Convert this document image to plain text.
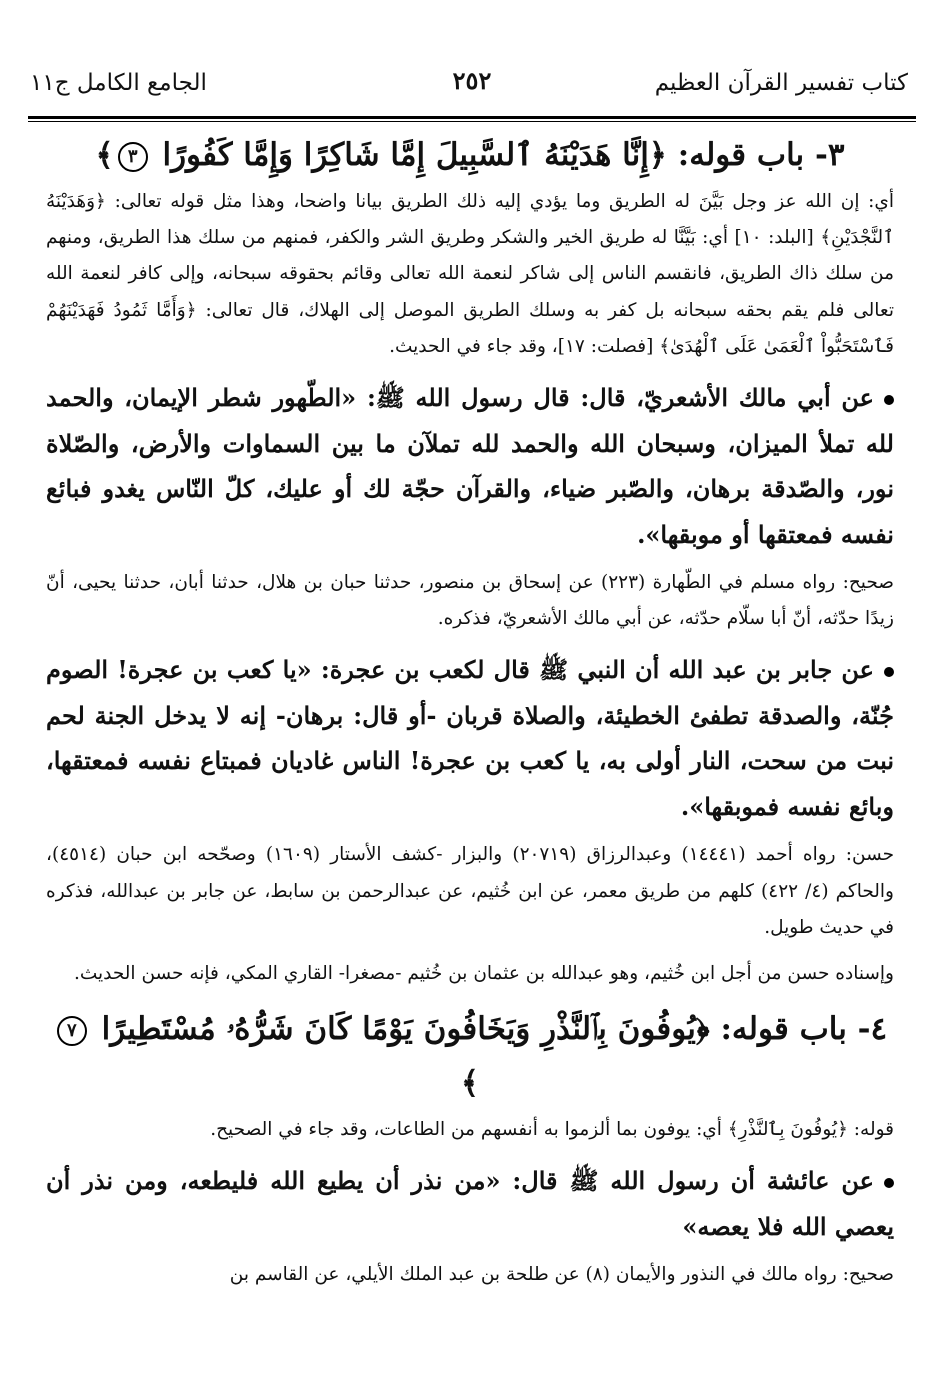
كتاب تفسير القرآن العظيم
٢٥٢
الجامع الكامل ج١١
٣- باب قوله: ﴿إِنَّا هَدَيْنَهُ ٱلسَّبِيلَ إِمَّا شَاكِرًا وَإِمَّا كَفُورًا ٣﴾

أي: إن الله عز وجل بَيَّنَ له الطريق وما يؤدي إليه ذلك الطريق بيانا واضحا، وهذا مثل قوله تعالى: ﴿وَهَدَيْنَهُ ٱلنَّجْدَيْنِ﴾ [البلد: ١٠] أي: بَيَّنَّا له طريق الخير والشكر وطريق الشر والكفر، فمنهم من سلك هذا الطريق، ومنهم من سلك ذاك الطريق، فانقسم الناس إلى شاكر لنعمة الله تعالى وقائم بحقوقه سبحانه، وإلى كافر لنعمة الله تعالى فلم يقم بحقه سبحانه بل كفر به وسلك الطريق الموصل إلى الهلاك، قال تعالى: ﴿وَأَمَّا ثَمُودُ فَهَدَيْنَهُمْ فَٱسْتَحَبُّواْ ٱلْعَمَىٰ عَلَى ٱلْهُدَىٰ﴾ [فصلت: ١٧]، وقد جاء في الحديث.

عن أبي مالك الأشعريّ، قال: قال رسول الله ﷺ: «الطّهور شطر الإيمان، والحمد لله تملأ الميزان، وسبحان الله والحمد لله تملآن ما بين السماوات والأرض، والصّلاة نور، والصّدقة برهان، والصّبر ضياء، والقرآن حجّة لك أو عليك، كلّ النّاس يغدو فبائع نفسه فمعتقها أو موبقها».

صحيح: رواه مسلم في الطّهارة (٢٢٣) عن إسحاق بن منصور، حدثنا حبان بن هلال، حدثنا أبان، حدثنا يحيى، أنّ زيدًا حدّثه، أنّ أبا سلّام حدّثه، عن أبي مالك الأشعريّ، فذكره.

عن جابر بن عبد الله أن النبي ﷺ قال لكعب بن عجرة: «يا كعب بن عجرة! الصوم جُنّة، والصدقة تطفئ الخطيئة، والصلاة قربان -أو قال: برهان- إنه لا يدخل الجنة لحم نبت من سحت، النار أولى به، يا كعب بن عجرة! الناس غاديان فمبتاع نفسه فمعتقها، وبائع نفسه فموبقها».

حسن: رواه أحمد (١٤٤٤١) وعبدالرزاق (٢٠٧١٩) والبزار -كشف الأستار (١٦٠٩) وصحّحه ابن حبان (٤٥١٤)، والحاكم (٤/ ٤٢٢) كلهم من طريق معمر، عن ابن خُثيم، عن عبدالرحمن بن سابط، عن جابر بن عبدالله، فذكره في حديث طويل.

وإسناده حسن من أجل ابن خُثيم، وهو عبدالله بن عثمان بن خُثيم -مصغرا- القاري المكي، فإنه حسن الحديث.

٤- باب قوله: ﴿يُوفُونَ بِٱلنَّذْرِ وَيَخَافُونَ يَوْمًا كَانَ شَرُّهُۥ مُسْتَطِيرًا ٧﴾

قوله: ﴿يُوفُونَ بِٱلنَّذْرِ﴾ أي: يوفون بما ألزموا به أنفسهم من الطاعات، وقد جاء في الصحيح.

عن عائشة أن رسول الله ﷺ قال: «من نذر أن يطيع الله فليطعه، ومن نذر أن يعصي الله فلا يعصه»

صحيح: رواه مالك في النذور والأيمان (٨) عن طلحة بن عبد الملك الأيلي، عن القاسم بن
